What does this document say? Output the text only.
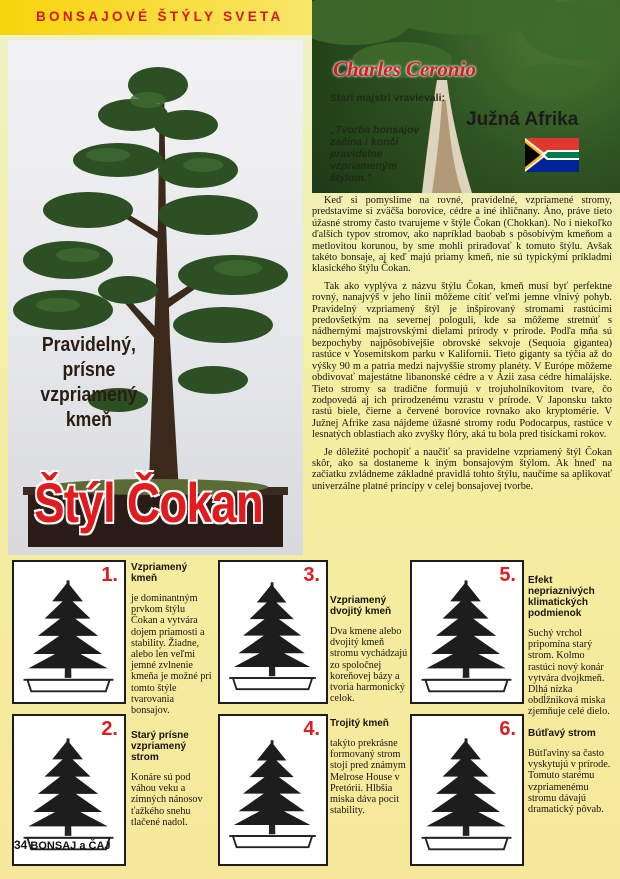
BONSAJOVÉ ŠTÝLY SVETA
Charles Ceronio
Starí majstri vravievali:
„Tvorba bonsajov začína i končí pravidelne vzpriameným štýlom."
Južná Afrika
Pravidelný,
prísne
vzpriamený
kmeň
Štýl Čokan

Keď si pomyslíme na rovné, pravidelné, vzpriamené stromy, predstavíme si zväčša borovice, cédre a iné ihličnany. Áno, práve tieto úžasné stromy často tvarujeme v štýle Čokan (Chokkan). No i niekoľko ďalších typov stromov, ako napríklad baobab s pôsobivým kmeňom a metlovitou korunou, by sme mohli prirađovať k tomuto štýlu. Avšak takéto bonsaje, aj keď majú priamy kmeň, nie sú typickými príkladmi klasického štýlu Čokan.

Tak ako vyplýva z názvu štýlu Čokan, kmeň musí byť perfektne rovný, nanajvýš v jeho línii môžeme cítiť veľmi jemne vlnivý pohyb. Pravidelný vzpriamený štýl je inšpirovaný stromami rastúcimi predovšetkým na severnej pologuli, kde sa môžeme stretnúť s nádhernými majstrovskými dielami prírody v prírode. Podľa mňa sú bezpochyby najpôsobivejšie obrovské sekvoje (Sequoia gigantea) rastúce v Yosemitskom parku v Kalifornii. Tieto giganty sa týčia až do výšky 90 m a patria medzi najvyššie stromy planéty. V Európe môžeme obdivovať majestátne libanonské cédre a v Ázii zasa cédre himalájske. Tieto stromy sa tradične formujú v trojuholníkovitom tvare, čo zodpovedá aj ich prirodzenému vzrastu v prírode. V Japonsku takto rastú biele, čierne a červené borovice rovnako ako kryptomérie. V Južnej Afrike zasa nájdeme úžasné stromy rodu Podocarpus, rastúce v lesnatých oblastiach ako zvyšky flóry, aká tu bola pred tisíckami rokov.

Je dôležité pochopiť a naučiť sa pravidelne vzpriamený štýl Čokan skôr, ako sa dostaneme k iným bonsajovým štýlom. Ak hneď na začiatku zvládneme základné pravidlá tohto štýlu, naučíme sa aplikovať univerzálne platné princípy v celej bonsajovej tvorbe.

1. Vzpriamený kmeň
je dominantným prvkom štýlu Čokan a vytvára dojem priamosti a stability. Žiadne, alebo len veľmi jemné zvlnenie kmeňa je možné pri tomto štýle tvarovania bonsajov.
2. Starý prísne vzpriamený strom
Konáre sú pod váhou veku a zimných nánosov ťažkého snehu tlačené nadol.
3.
Vzpriamený dvojitý kmeň
Dva kmene alebo dvojitý kmeň stromu vychádzajú zo spoločnej koreňovej bázy a tvoria harmonický celok.
4. Trojitý kmeň
takýto prekrásne formovaný strom stojí pred známym Melrose House v Pretórii. Hlbšia miska dáva pocit stability.
5. Efekt nepriaznivých klimatických podmienok
Suchý vrchol pripomína starý strom. Kolmo rastúci nový konár vytvára dvojkmeň. Dlhá nízka obdĺžniková miska zjemňuje celé dielo.
6. Bútľavý strom
Bútľaviny sa často vyskytujú v prírode. Tomuto starému vzpriamenému stromu dávajú dramatický pôvab.
34 BONSAJ a ČAJ
